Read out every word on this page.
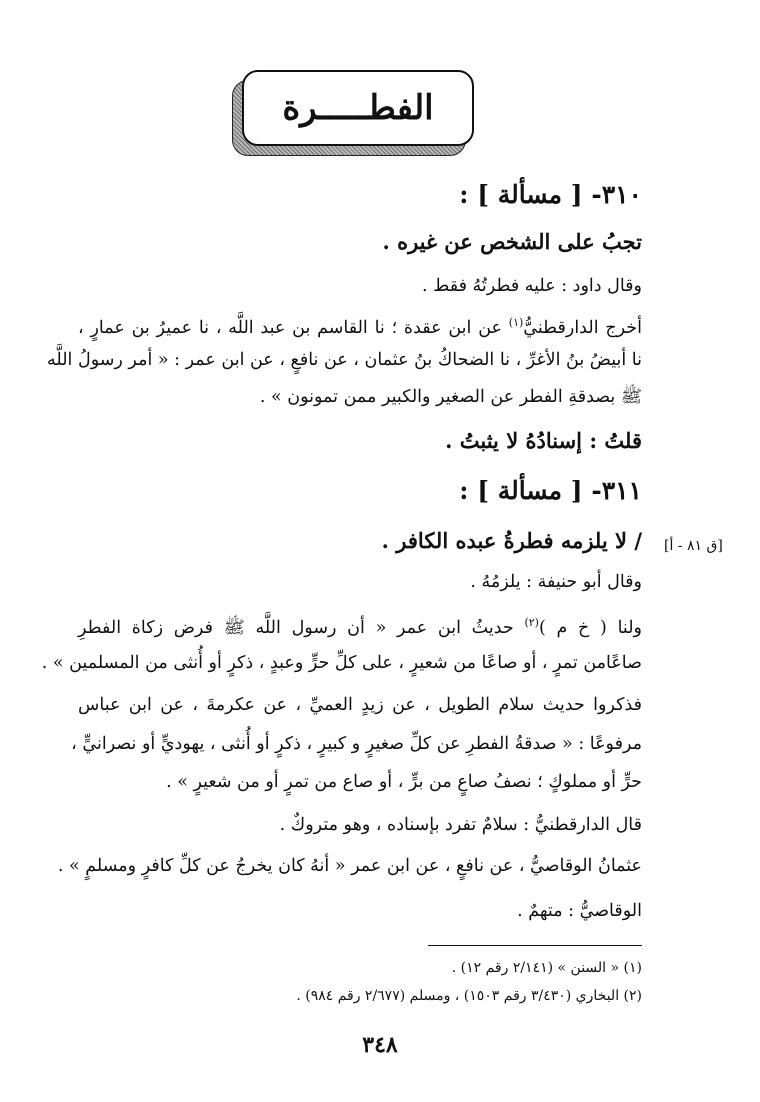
الفطـــــرة
٣١٠- [ مسألة ] :
تجبُ على الشخص عن غيره .
وقال داود : عليه فطرتُهُ فقط .
أخرج الدارقطنيُّ$^{(١)}$ عن ابن عقدة ؛ نا القاسم بن عبد اللَّه ، نا عميرُ بن عمارٍ ،
نا أبيضُ بنُ الأغرِّ ، نا الضحاكُ بنُ عثمان ، عن نافعٍ ، عن ابن عمر : « أمر رسولُ اللَّه
ﷺ بصدقةِ الفطر عن الصغير والكبير ممن تمونون » .
قلتُ : إسنادُهُ لا يثبتُ .
٣١١- [ مسألة ] :
/ لا يلزمه فطرةُ عبده الكافر . [ق ٨١ - أ]
وقال أبو حنيفة : يلزمُهُ .
ولنا ( خ م )$^{(٢)}$ حديثُ ابن عمر « أن رسول اللَّه ﷺ فرض زكاة الفطرِ
صاعًامن تمرٍ ، أو صاعًا من شعيرٍ ، على كلِّ حرٍّ وعبدٍ ، ذكرٍ أو أُنثى من المسلمين » .
فذكروا حديث سلام الطويل ، عن زيدٍ العميِّ ، عن عكرمةَ ، عن ابن عباس
مرفوعًا : « صدقةُ الفطرِ عن كلِّ صغيرٍ و كبيرٍ ، ذكرٍ أو أُنثى ، يهوديٍّ أو نصرانيٍّ ،
حرٍّ أو مملوكٍ ؛ نصفُ صاعٍ من برٍّ ، أو صاع من تمرٍ أو من شعيرٍ » .
قال الدارقطنيُّ : سلامٌ تفرد بإسناده ، وهو متروكٌ .
عثمانُ الوقاصيُّ ، عن نافعٍ ، عن ابن عمر « أنهُ كان يخرجُ عن كلِّ كافرٍ ومسلمٍ » .
الوقاصيُّ : متهمٌ .
(١) « السنن » (٢/١٤١ رقم ١٢) .
(٢) البخاري (٣/٤٣٠ رقم ١٥٠٣) ، ومسلم (٢/٦٧٧ رقم ٩٨٤) .
٣٤٨
